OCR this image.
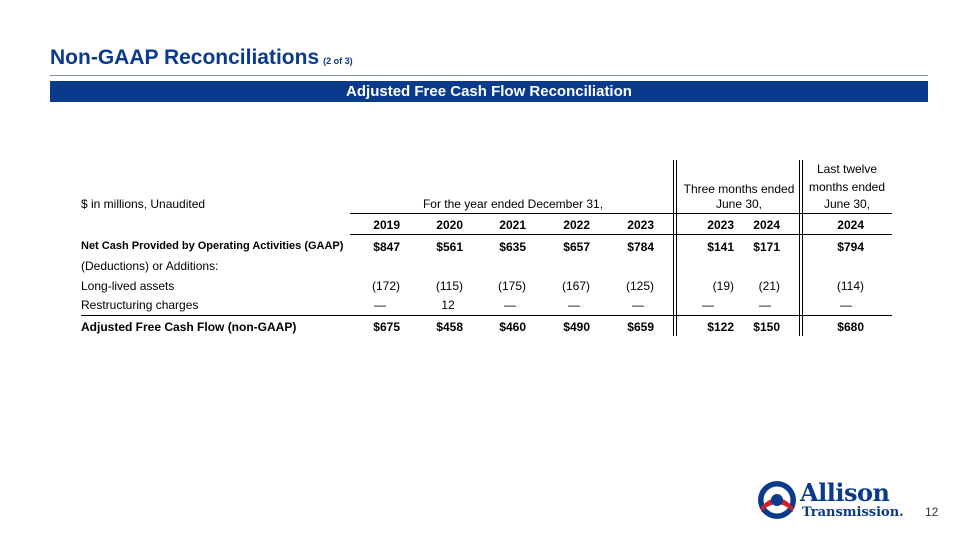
Non-GAAP Reconciliations (2 of 3)
Adjusted Free Cash Flow Reconciliation
$ in millions, Unaudited	For the year ended December 31,
Three months ended
June 30,
Last twelve
months ended
June 30,
2019	2020	2021	2022	2023	2023	2024	2024
Net Cash Provided by Operating Activities (GAAP)	$847	$561	$635	$657	$784	$141	$171	$794
(Deductions) or Additions:
Long-lived assets	(172)	(115)	(175)	(167)	(125)	(19)	(21)	(114)
Restructuring charges	—	12	—	—	—	—	—	—
Adjusted Free Cash Flow (non-GAAP)	$675	$458	$460	$490	$659	$122	$150	$680
Allison
Transmission. 12
